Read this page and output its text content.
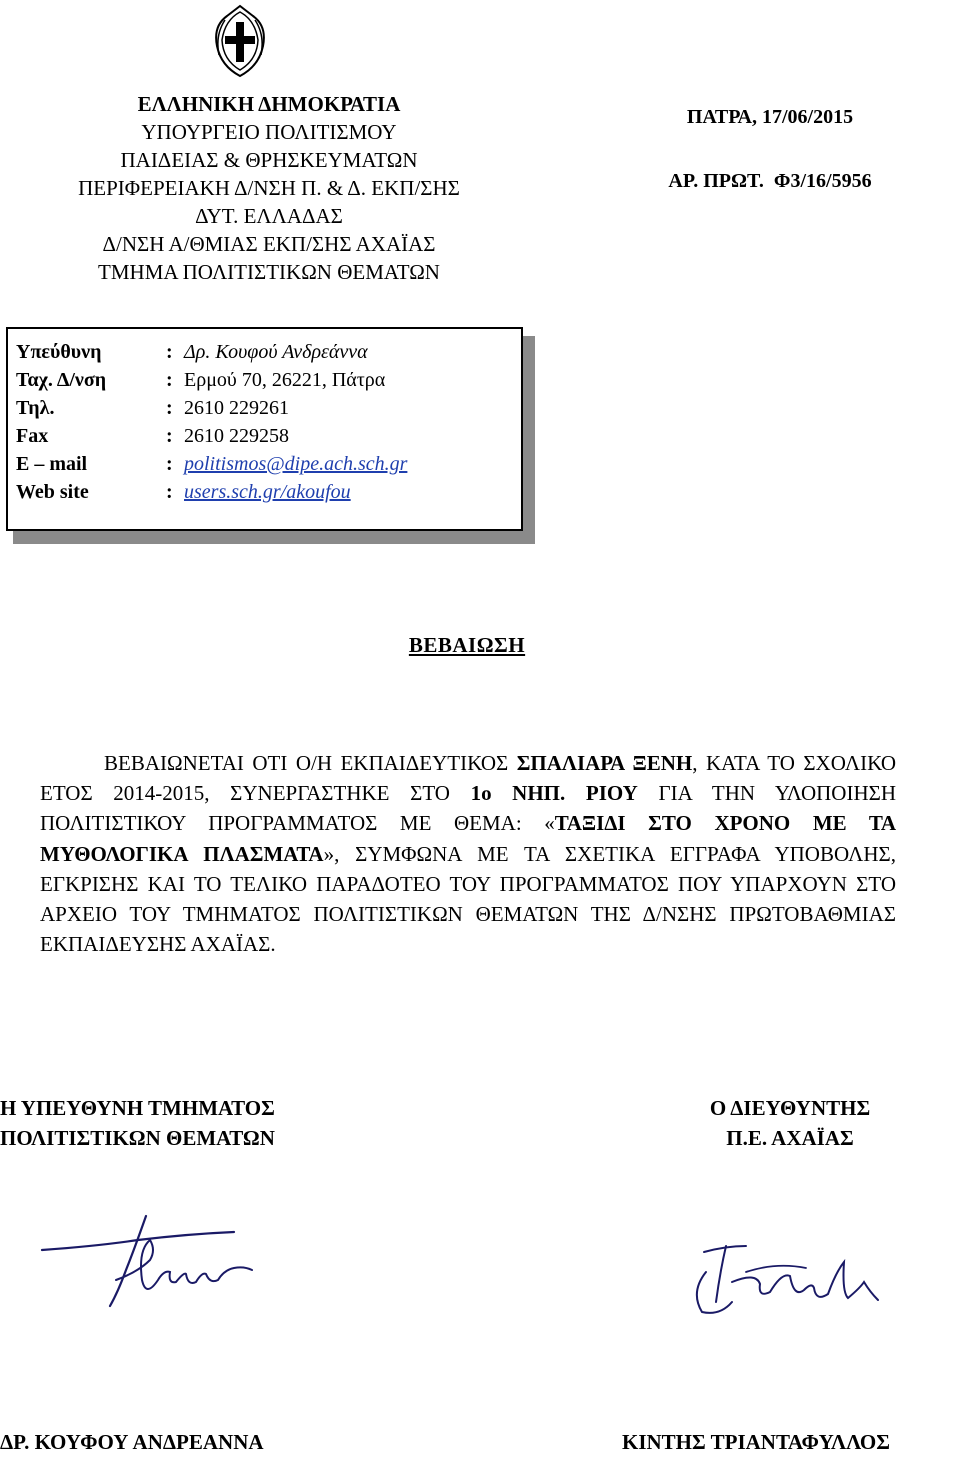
ΕΛΛΗΝΙΚΗ ΔΗΜΟΚΡΑΤΙΑ
ΥΠΟΥΡΓΕΙΟ ΠΟΛΙΤΙΣΜΟΥ
ΠΑΙΔΕΙΑΣ & ΘΡΗΣΚΕΥΜΑΤΩΝ
ΠΕΡΙΦΕΡΕΙΑΚΗ Δ/ΝΣΗ Π. & Δ. ΕΚΠ/ΣΗΣ
ΔΥΤ. ΕΛΛΑΔΑΣ
Δ/ΝΣΗ Α/ΘΜΙΑΣ ΕΚΠ/ΣΗΣ ΑΧΑΪΑΣ
ΤΜΗΜΑ ΠΟΛΙΤΙΣΤΙΚΩΝ ΘΕΜΑΤΩΝ
ΠΑΤΡΑ, 17/06/2015
ΑΡ. ΠΡΩΤ. Φ3/16/5956
Υπεύθυνη	: Δρ. Κουφού Ανδρεάννα
Ταχ. Δ/νση	: Ερμού 70, 26221, Πάτρα
Τηλ.	: 2610 229261
Fax	: 2610 229258
E – mail	: politismos@dipe.ach.sch.gr
Web site	: users.sch.gr/akoufou
ΒΕΒΑΙΩΣΗ
ΒΕΒΑΙΩΝΕΤΑΙ ΟΤΙ Ο/Η ΕΚΠΑΙΔΕΥΤΙΚΟΣ ΣΠΑΛΙΑΡΑ ΞΕΝΗ, ΚΑΤΑ ΤΟ ΣΧΟΛΙΚΟ ΕΤΟΣ 2014-2015, ΣΥΝΕΡΓΑΣΤΗΚΕ ΣΤΟ 1ο ΝΗΠ. ΡΙΟΥ ΓΙΑ ΤΗΝ ΥΛΟΠΟΙΗΣΗ ΠΟΛΙΤΙΣΤΙΚΟΥ ΠΡΟΓΡΑΜΜΑΤΟΣ ΜΕ ΘΕΜΑ: «ΤΑΞΙΔΙ ΣΤΟ ΧΡΟΝΟ ΜΕ ΤΑ ΜΥΘΟΛΟΓΙΚΑ ΠΛΑΣΜΑΤΑ», ΣΥΜΦΩΝΑ ΜΕ ΤΑ ΣΧΕΤΙΚΑ ΕΓΓΡΑΦΑ ΥΠΟΒΟΛΗΣ, ΕΓΚΡΙΣΗΣ ΚΑΙ ΤΟ ΤΕΛΙΚΟ ΠΑΡΑΔΟΤΕΟ ΤΟΥ ΠΡΟΓΡΑΜΜΑΤΟΣ ΠΟΥ ΥΠΑΡΧΟΥΝ ΣΤΟ ΑΡΧΕΙΟ ΤΟΥ ΤΜΗΜΑΤΟΣ ΠΟΛΙΤΙΣΤΙΚΩΝ ΘΕΜΑΤΩΝ ΤΗΣ Δ/ΝΣΗΣ ΠΡΩΤΟΒΑΘΜΙΑΣ ΕΚΠΑΙΔΕΥΣΗΣ ΑΧΑΪΑΣ.
Η ΥΠΕΥΘΥΝΗ ΤΜΗΜΑΤΟΣ
ΠΟΛΙΤΙΣΤΙΚΩΝ ΘΕΜΑΤΩΝ
Ο ΔΙΕΥΘΥΝΤΗΣ
Π.Ε. ΑΧΑΪΑΣ
ΔΡ. ΚΟΥΦΟΥ ΑΝΔΡΕΑΝΝΑ	ΚΙΝΤΗΣ ΤΡΙΑΝΤΑΦΥΛΛΟΣ
